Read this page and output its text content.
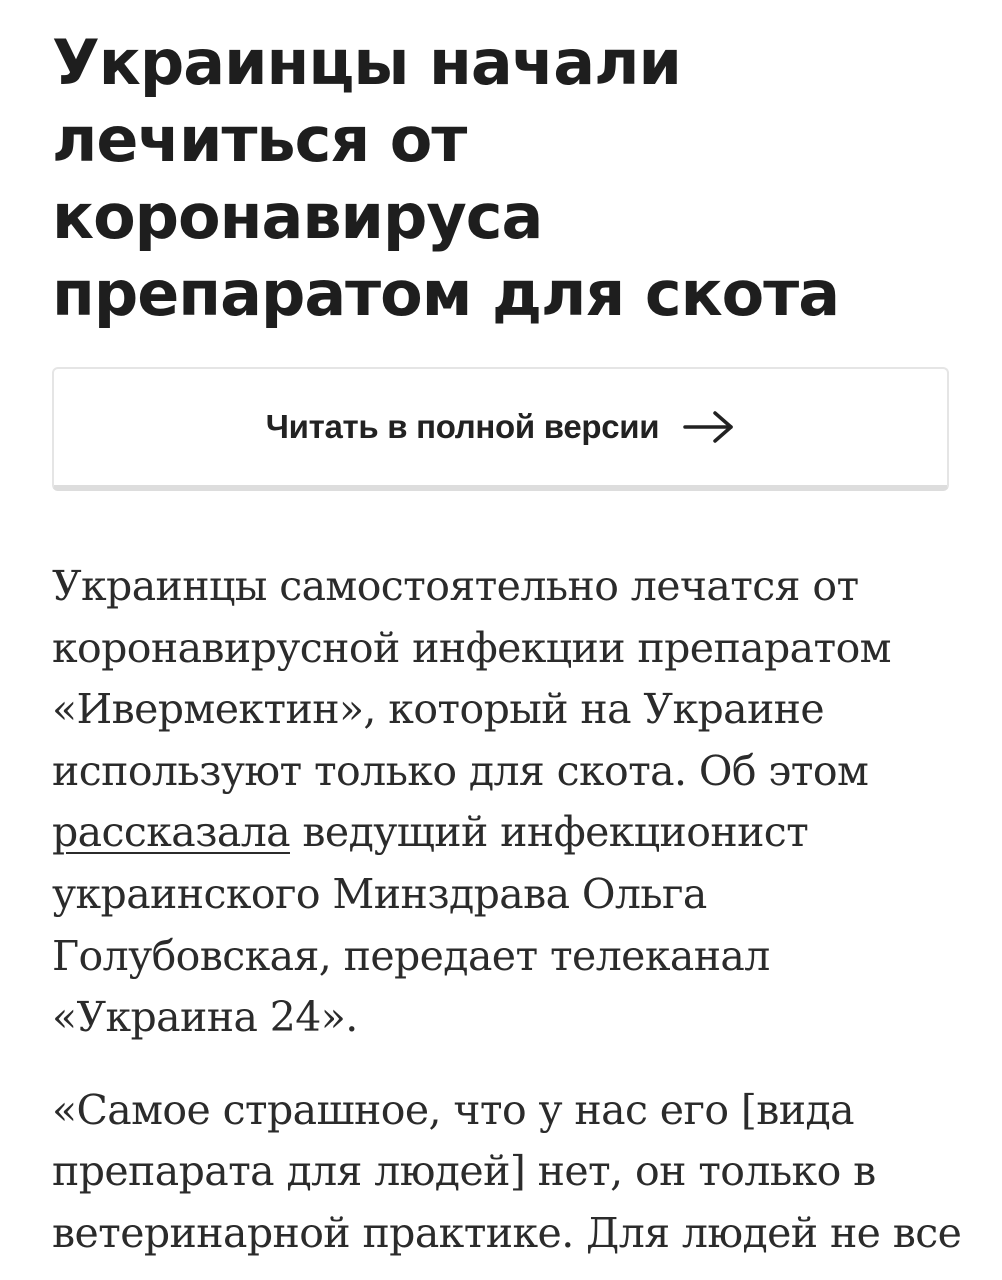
Украинцы начали лечиться от коронавируса препаратом для скота
Читать в полной версии

Украинцы самостоятельно лечатся от коронавирусной инфекции препаратом «Ивермектин», который на Украине используют только для скота. Об этом рассказала ведущий инфекционист украинского Минздрава Ольга Голубовская, передает телеканал «Украина 24».

«Самое страшное, что у нас его [вида препарата для людей] нет, он только в ветеринарной практике. Для людей не все
